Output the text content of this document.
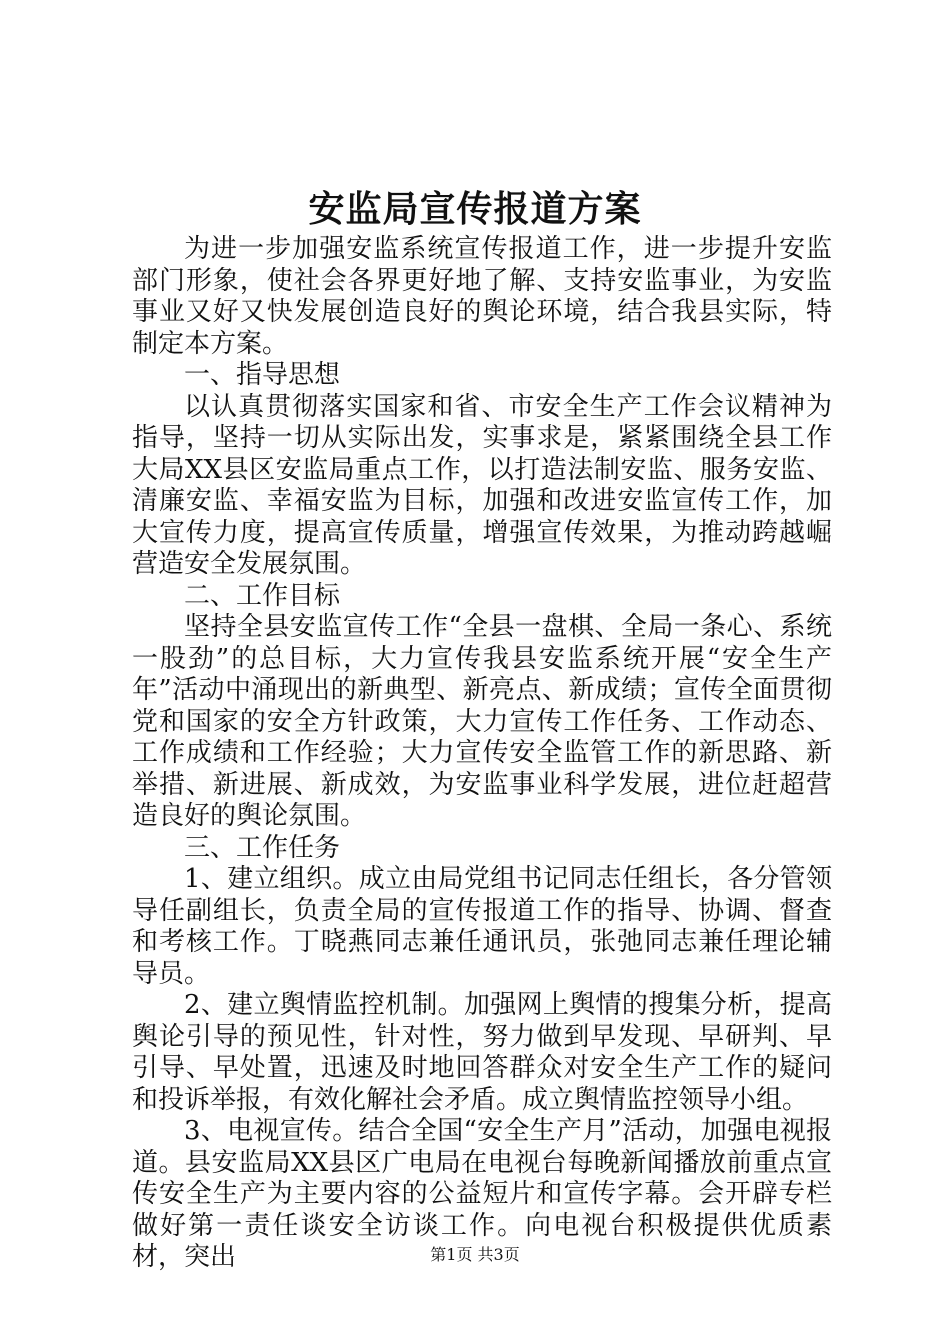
安监局宣传报道方案

为进一步加强安监系统宣传报道工作，进一步提升安监部门形象，使社会各界更好地了解、支持安监事业，为安监事业又好又快发展创造良好的舆论环境，结合我县实际，特制定本方案。

一、指导思想

以认真贯彻落实国家和省、市安全生产工作会议精神为指导，坚持一切从实际出发，实事求是，紧紧围绕全县工作大局XX县区安监局重点工作，以打造法制安监、服务安监、清廉安监、幸福安监为目标，加强和改进安监宣传工作，加大宣传力度，提高宣传质量，增强宣传效果，为推动跨越崛营造安全发展氛围。

二、工作目标

坚持全县安监宣传工作“全县一盘棋、全局一条心、系统一股劲”的总目标，大力宣传我县安监系统开展“安全生产年”活动中涌现出的新典型、新亮点、新成绩；宣传全面贯彻党和国家的安全方针政策，大力宣传工作任务、工作动态、工作成绩和工作经验；大力宣传安全监管工作的新思路、新举措、新进展、新成效，为安监事业科学发展，进位赶超营造良好的舆论氛围。

三、工作任务

1、建立组织。成立由局党组书记同志任组长，各分管领导任副组长，负责全局的宣传报道工作的指导、协调、督查和考核工作。丁晓燕同志兼任通讯员，张弛同志兼任理论辅导员。

2、建立舆情监控机制。加强网上舆情的搜集分析，提高舆论引导的预见性，针对性，努力做到早发现、早研判、早引导、早处置，迅速及时地回答群众对安全生产工作的疑问和投诉举报，有效化解社会矛盾。成立舆情监控领导小组。

3、电视宣传。结合全国“安全生产月”活动，加强电视报道。县安监局XX县区广电局在电视台每晚新闻播放前重点宣传安全生产为主要内容的公益短片和宣传字幕。会开辟专栏做好第一责任谈安全访谈工作。向电视台积极提供优质素材，突出	第1页 共3页
